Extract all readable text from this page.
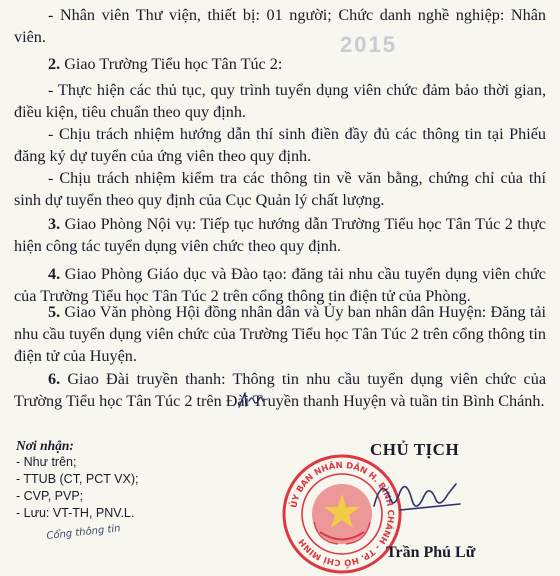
2015

- Nhân viên Thư viện, thiết bị: 01 người; Chức danh nghề nghiệp: Nhân viên.

2. Giao Trường Tiểu học Tân Túc 2:

- Thực hiện các thủ tục, quy trình tuyển dụng viên chức đảm bảo thời gian, điều kiện, tiêu chuẩn theo quy định.

- Chịu trách nhiệm hướng dẫn thí sinh điền đầy đủ các thông tin tại Phiếu đăng ký dự tuyển của ứng viên theo quy định.

- Chịu trách nhiệm kiểm tra các thông tin về văn bằng, chứng chỉ của thí sinh dự tuyển theo quy định của Cục Quản lý chất lượng.

3. Giao Phòng Nội vụ: Tiếp tục hướng dẫn Trường Tiểu học Tân Túc 2 thực hiện công tác tuyển dụng viên chức theo quy định.

4. Giao Phòng Giáo dục và Đào tạo: đăng tải nhu cầu tuyển dụng viên chức của Trường Tiểu học Tân Túc 2 trên cổng thông tin điện tử của Phòng.

5. Giao Văn phòng Hội đồng nhân dân và Ủy ban nhân dân Huyện: Đăng tải nhu cầu tuyển dụng viên chức của Trường Tiểu học Tân Túc 2 trên cổng thông tin điện tử của Huyện.

6. Giao Đài truyền thanh: Thông tin nhu cầu tuyển dụng viên chức của Trường Tiểu học Tân Túc 2 trên Đài Truyền thanh Huyện và tuần tin Bình Chánh.

Nơi nhận:
- Như trên;
- TTUB (CT, PCT VX);
- CVP, PVP;
- Lưu: VT-TH, PNV.L.
Cổng thông tin
ỦY BAN NHÂN DÂN H. BÌNH CHÁNH - TP. HỒ CHÍ MINH
CHỦ TỊCH
Trần Phú Lữ
